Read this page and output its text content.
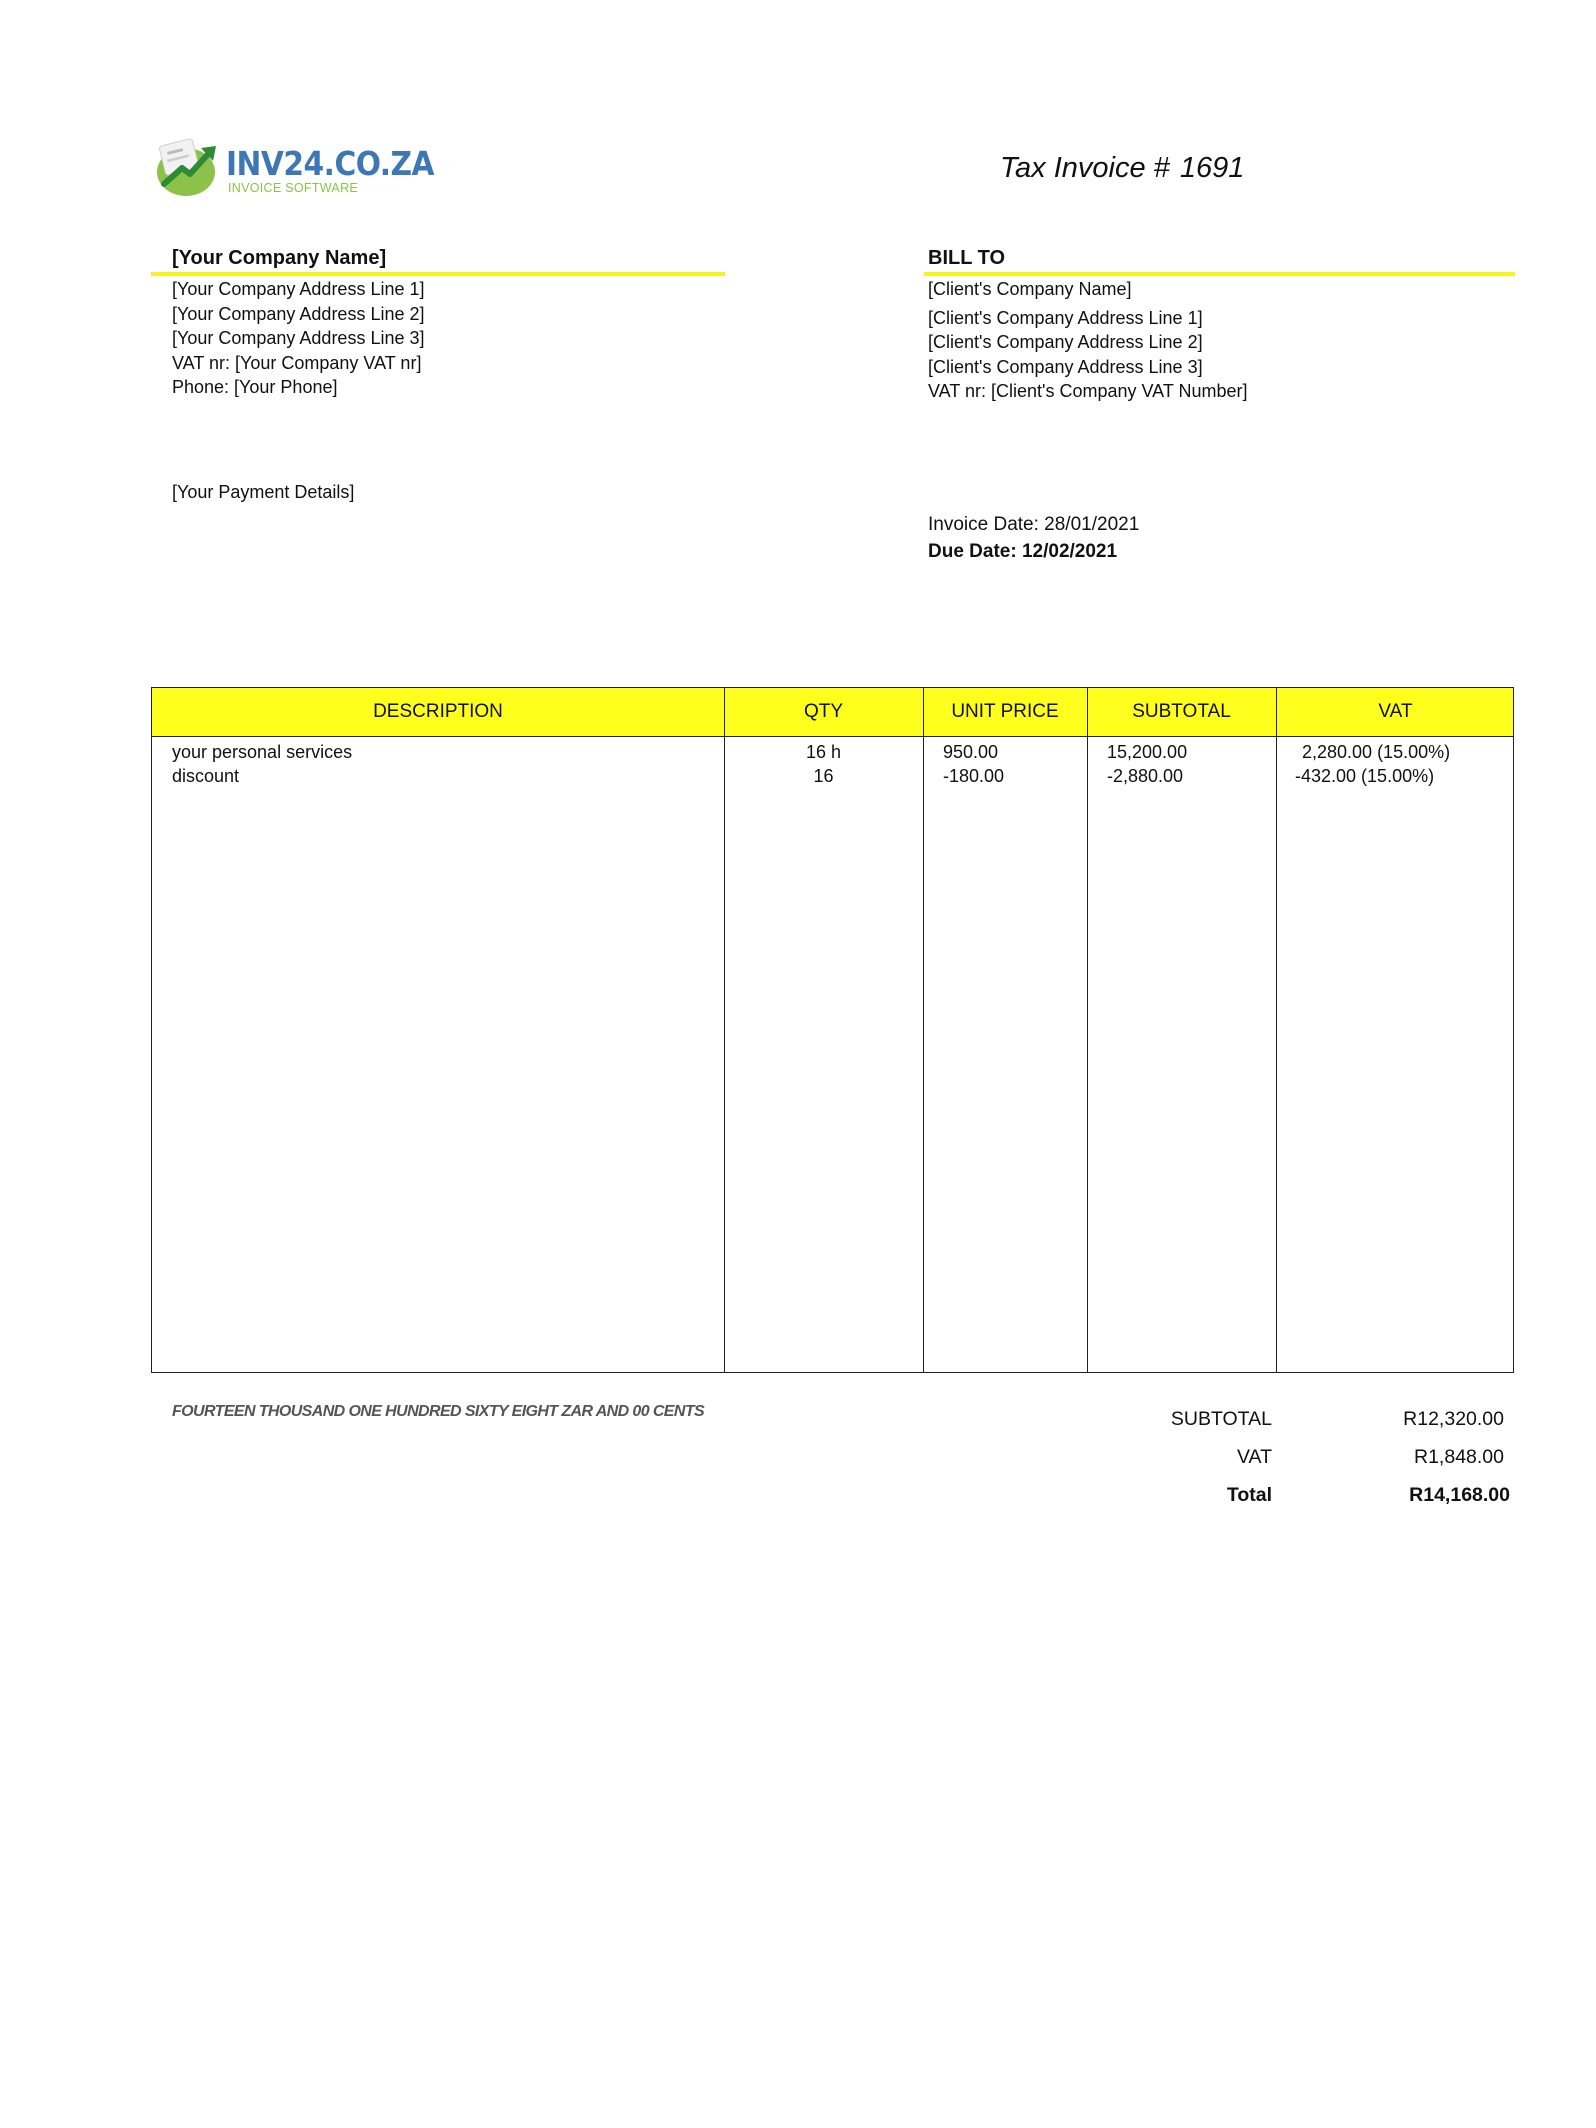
INV24.CO.ZA
INVOICE SOFTWARE
Tax Invoice # 1691
[Your Company Name]
[Your Company Address Line 1]
[Your Company Address Line 2]
[Your Company Address Line 3]
VAT nr: [Your Company VAT nr]
Phone: [Your Phone]
[Your Payment Details]
BILL TO
[Client's Company Name]
[Client's Company Address Line 1]
[Client's Company Address Line 2]
[Client's Company Address Line 3]
VAT nr: [Client's Company VAT Number]
Invoice Date: 28/01/2021
Due Date: 12/02/2021
DESCRIPTION	QTY	UNIT PRICE	SUBTOTAL	VAT
your personal services	16 h	950.00	15,200.00	2,280.00 (15.00%)
discount	16	-180.00	-2,880.00	-432.00 (15.00%)
FOURTEEN THOUSAND ONE HUNDRED SIXTY EIGHT ZAR AND 00 CENTS	SUBTOTAL	R12,320.00
VAT	R1,848.00
Total	R14,168.00
